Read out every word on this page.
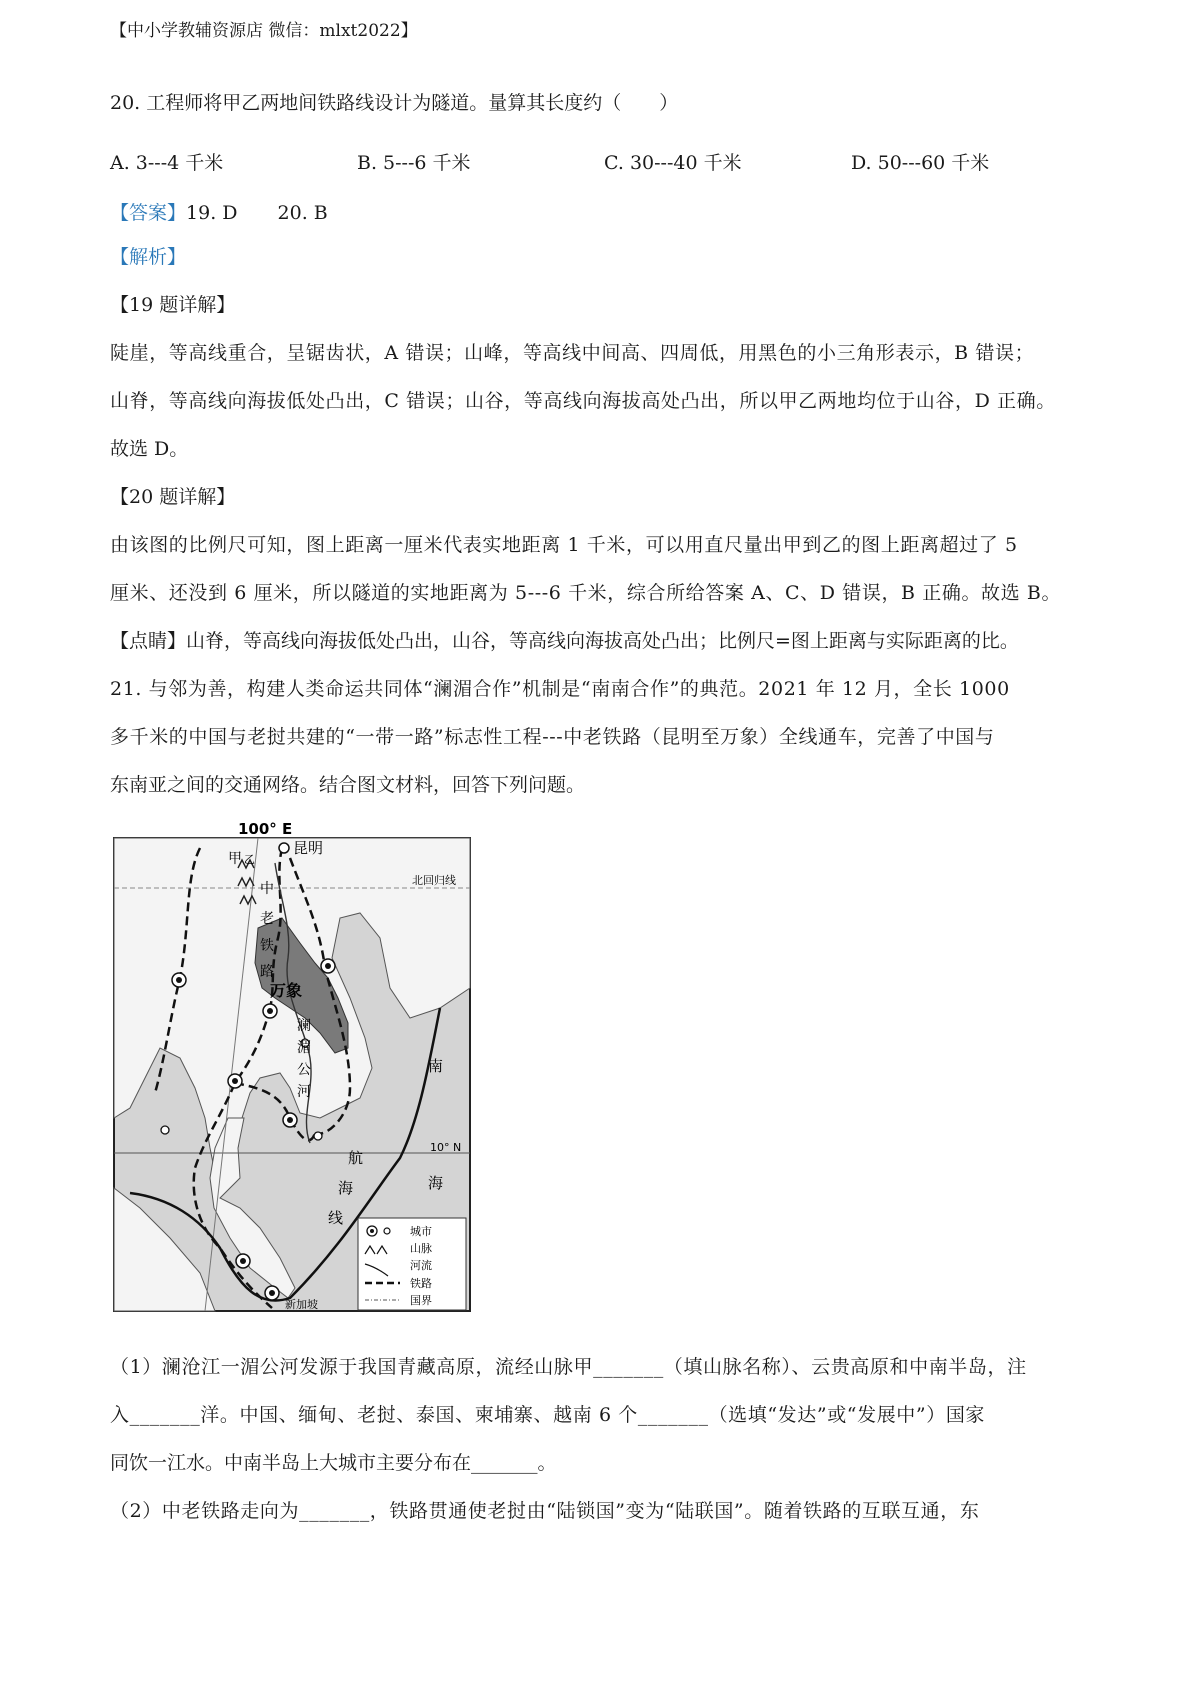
【中小学教辅资源店 微信：mlxt2022】
20. 工程师将甲乙两地间铁路线设计为隧道。量算其长度约（　　）
A. 3---4 千米	B. 5---6 千米	C. 30---40 千米	D. 50---60 千米
【答案】19. D 20. B
【解析】
【19 题详解】
陡崖，等高线重合，呈锯齿状，A 错误；山峰，等高线中间高、四周低，用黑色的小三角形表示，B 错误；
山脊，等高线向海拔低处凸出，C 错误；山谷，等高线向海拔高处凸出，所以甲乙两地均位于山谷，D 正确。
故选 D。
【20 题详解】
由该图的比例尺可知，图上距离一厘米代表实地距离 1 千米，可以用直尺量出甲到乙的图上距离超过了 5
厘米、还没到 6 厘米，所以隧道的实地距离为 5---6 千米，综合所给答案 A、C、D 错误，B 正确。故选 B。
【点睛】山脊，等高线向海拔低处凸出，山谷，等高线向海拔高处凸出；比例尺=图上距离与实际距离的比。
21. 与邻为善，构建人类命运共同体“澜湄合作”机制是“南南合作”的典范。2021 年 12 月，全长 1000
多千米的中国与老挝共建的“一带一路”标志性工程---中老铁路（昆明至万象）全线通车，完善了中国与
东南亚之间的交通网络。结合图文材料，回答下列问题。
100° E
昆明
北回归线
甲 乙
中
老
铁
路
万象
澜
湄
公
河
南
海
航
海
线
10° N
新加坡
城市
山脉
河流
铁路
国界
（1）澜沧江一湄公河发源于我国青藏高原，流经山脉甲_______（填山脉名称）、云贵高原和中南半岛，注
入_______洋。中国、缅甸、老挝、泰国、柬埔寨、越南 6 个_______（选填“发达”或“发展中”）国家
同饮一江水。中南半岛上大城市主要分布在_______。
（2）中老铁路走向为_______，铁路贯通使老挝由“陆锁国”变为“陆联国”。随着铁路的互联互通，东
